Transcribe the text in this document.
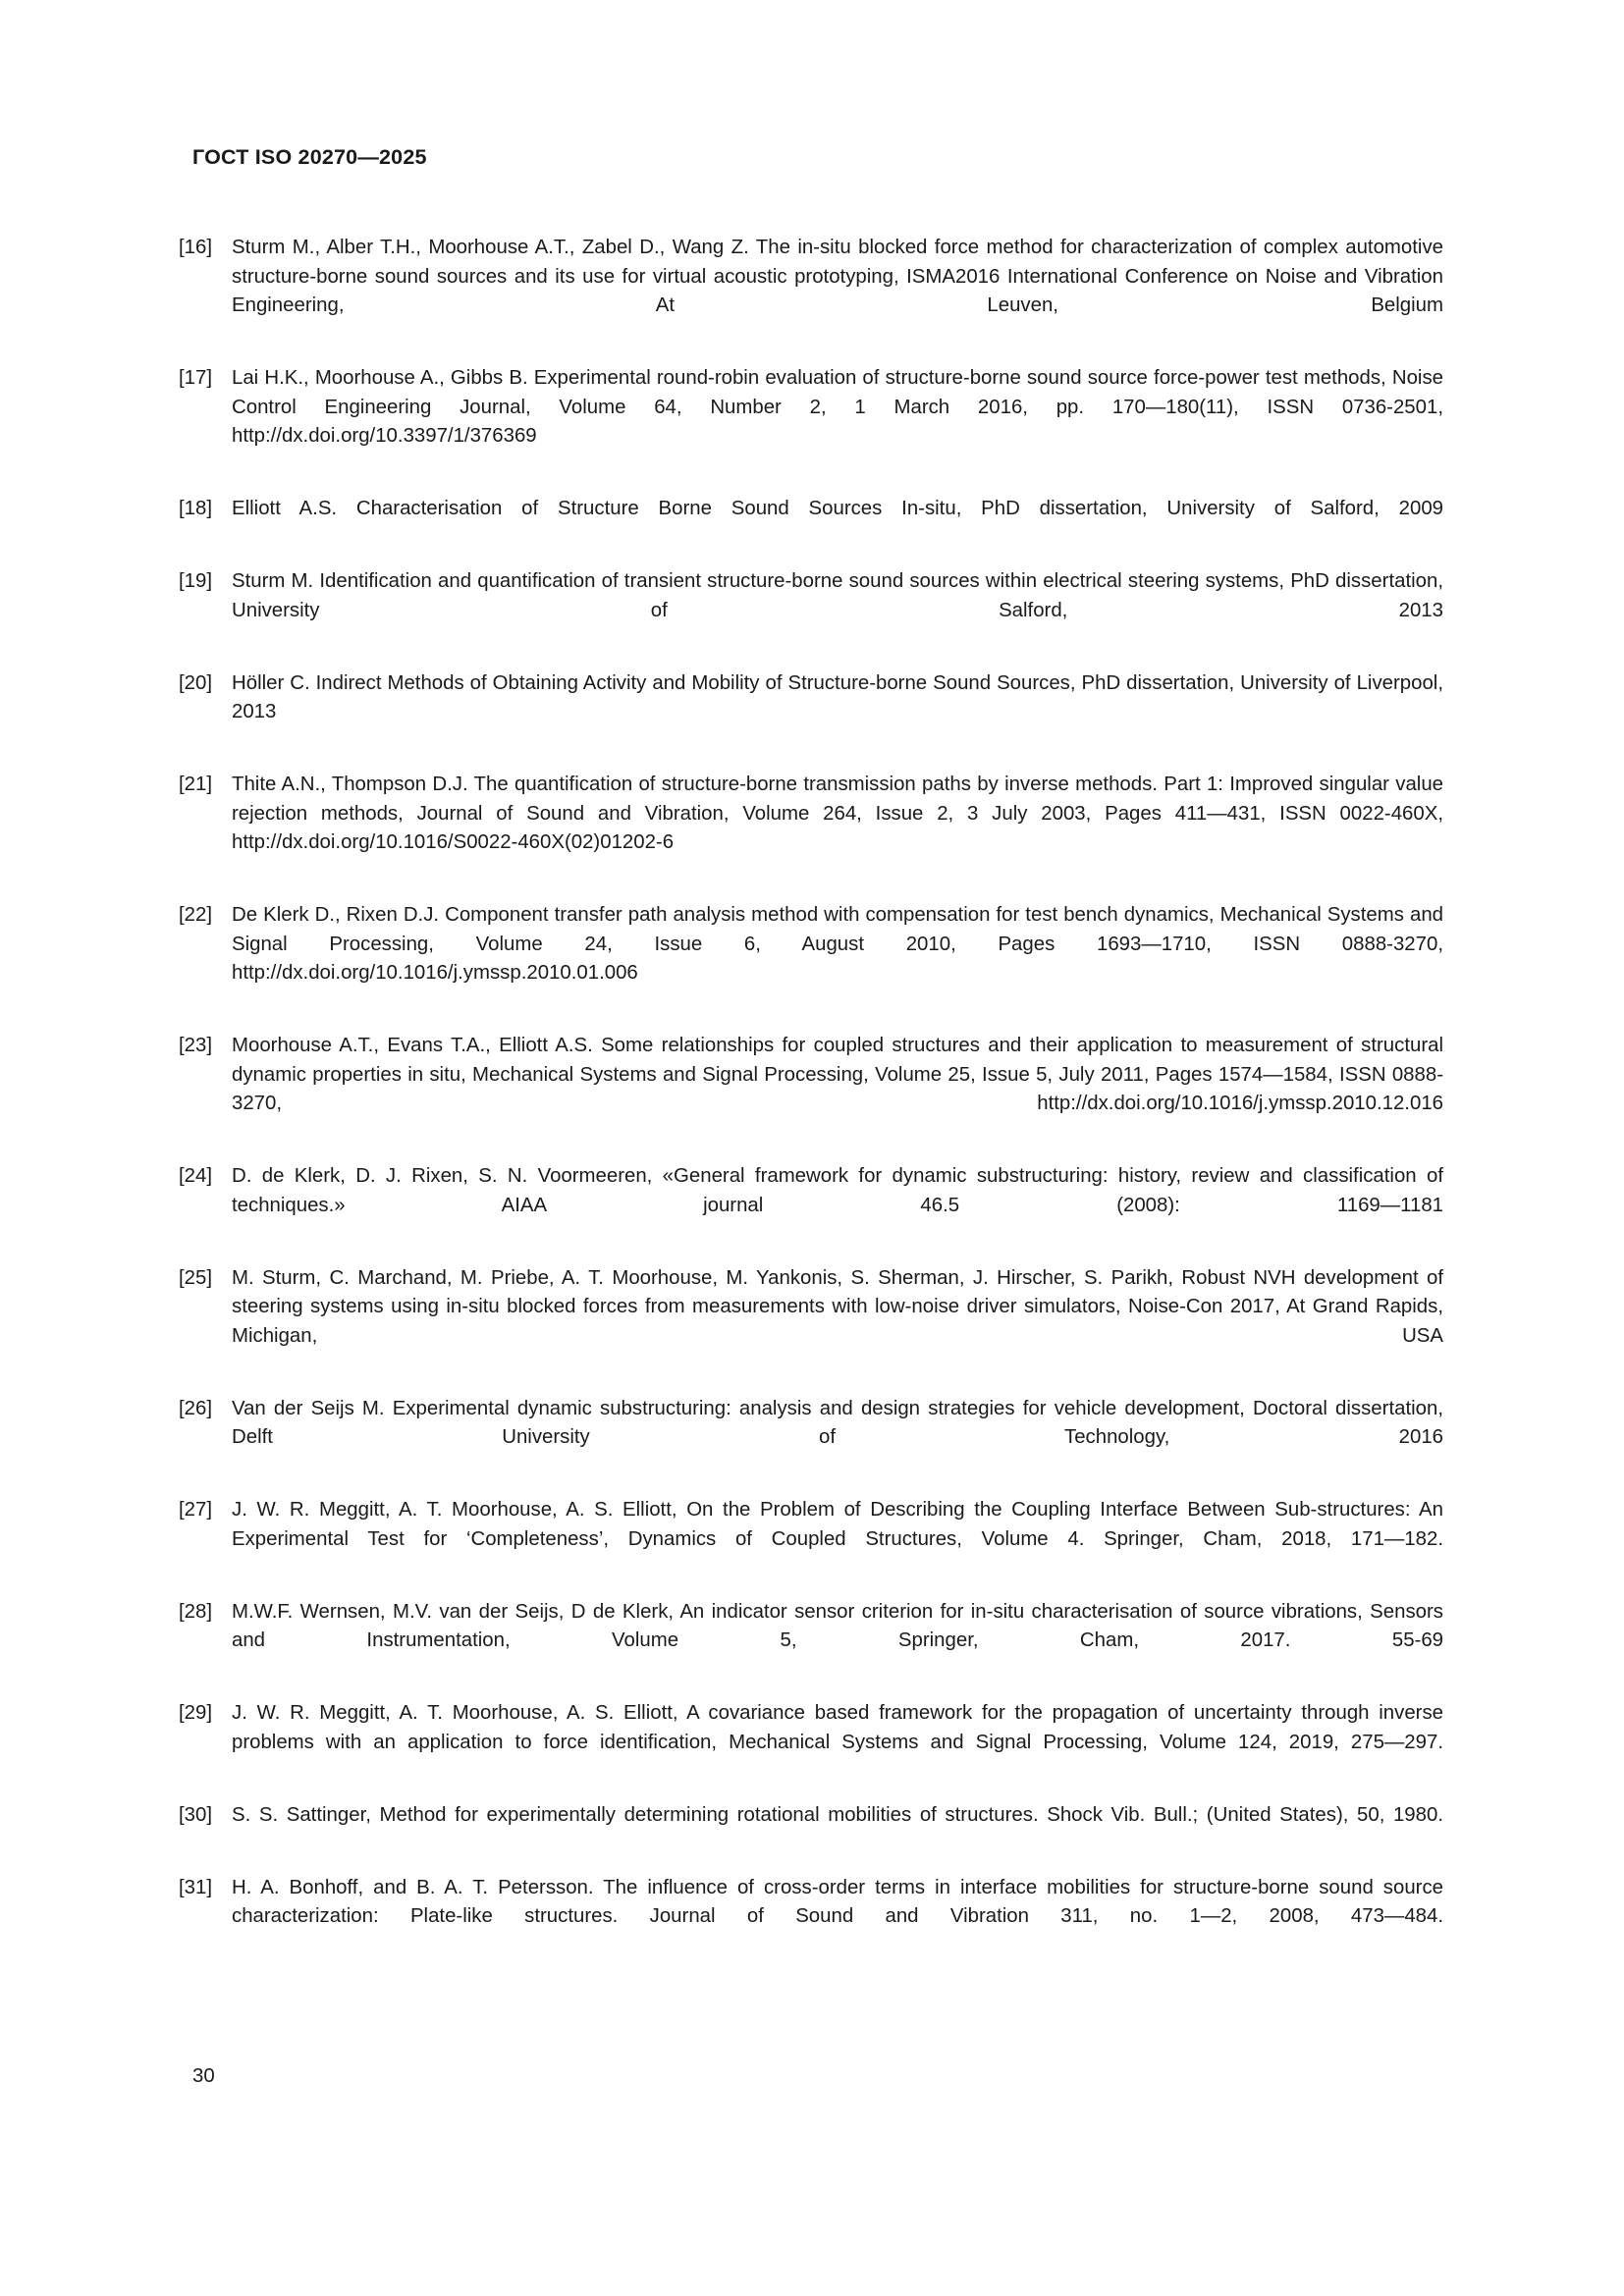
ГОСТ ISO 20270—2025
[16] Sturm M., Alber T.H., Moorhouse A.T., Zabel D., Wang Z. The in-situ blocked force method for characterization of complex automotive structure-borne sound sources and its use for virtual acoustic prototyping, ISMA2016 International Conference on Noise and Vibration Engineering, At Leuven, Belgium
[17] Lai H.K., Moorhouse A., Gibbs B. Experimental round-robin evaluation of structure-borne sound source force-power test methods, Noise Control Engineering Journal, Volume 64, Number 2, 1 March 2016, pp. 170—180(11), ISSN 0736-2501, http://dx.doi.org/10.3397/1/376369
[18] Elliott A.S. Characterisation of Structure Borne Sound Sources In-situ, PhD dissertation, University of Salford, 2009
[19] Sturm M. Identification and quantification of transient structure-borne sound sources within electrical steering systems, PhD dissertation, University of Salford, 2013
[20] Höller C. Indirect Methods of Obtaining Activity and Mobility of Structure-borne Sound Sources, PhD dissertation, University of Liverpool, 2013
[21] Thite A.N., Thompson D.J. The quantification of structure-borne transmission paths by inverse methods. Part 1: Improved singular value rejection methods, Journal of Sound and Vibration, Volume 264, Issue 2, 3 July 2003, Pages 411—431, ISSN 0022-460X, http://dx.doi.org/10.1016/S0022-460X(02)01202-6
[22] De Klerk D., Rixen D.J. Component transfer path analysis method with compensation for test bench dynamics, Mechanical Systems and Signal Processing, Volume 24, Issue 6, August 2010, Pages 1693—1710, ISSN 0888-3270, http://dx.doi.org/10.1016/j.ymssp.2010.01.006
[23] Moorhouse A.T., Evans T.A., Elliott A.S. Some relationships for coupled structures and their application to measurement of structural dynamic properties in situ, Mechanical Systems and Signal Processing, Volume 25, Issue 5, July 2011, Pages 1574—1584, ISSN 0888-3270, http://dx.doi.org/10.1016/j.ymssp.2010.12.016
[24] D. de Klerk, D. J. Rixen, S. N. Voormeeren, «General framework for dynamic substructuring: history, review and classification of techniques.» AIAA journal 46.5 (2008): 1169—1181
[25] M. Sturm, C. Marchand, M. Priebe, A. T. Moorhouse, M. Yankonis, S. Sherman, J. Hirscher, S. Parikh, Robust NVH development of steering systems using in-situ blocked forces from measurements with low-noise driver simulators, Noise-Con 2017, At Grand Rapids, Michigan, USA
[26] Van der Seijs M. Experimental dynamic substructuring: analysis and design strategies for vehicle development, Doctoral dissertation, Delft University of Technology, 2016
[27] J. W. R. Meggitt, A. T. Moorhouse, A. S. Elliott, On the Problem of Describing the Coupling Interface Between Sub-structures: An Experimental Test for ‘Completeness’, Dynamics of Coupled Structures, Volume 4. Springer, Cham, 2018, 171—182.
[28] M.W.F. Wernsen, M.V. van der Seijs, D de Klerk, An indicator sensor criterion for in-situ characterisation of source vibrations, Sensors and Instrumentation, Volume 5, Springer, Cham, 2017. 55-69
[29] J. W. R. Meggitt, A. T. Moorhouse, A. S. Elliott, A covariance based framework for the propagation of uncertainty through inverse problems with an application to force identification, Mechanical Systems and Signal Processing, Volume 124, 2019, 275—297.
[30] S. S. Sattinger, Method for experimentally determining rotational mobilities of structures. Shock Vib. Bull.; (United States), 50, 1980.
[31] H. A. Bonhoff, and B. A. T. Petersson. The influence of cross-order terms in interface mobilities for structure-borne sound source characterization: Plate-like structures. Journal of Sound and Vibration 311, no. 1—2, 2008, 473—484.
30
